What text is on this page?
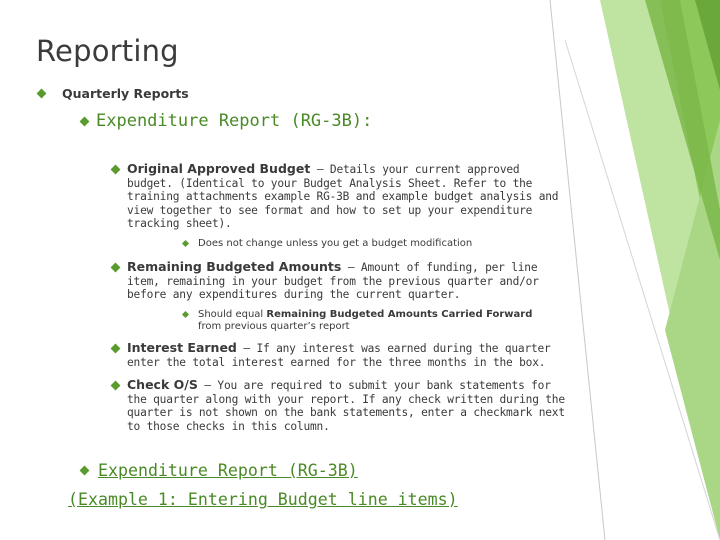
Reporting
Quarterly Reports
Expenditure Report (RG-3B):
Original Approved Budget – Details your current approved budget. (Identical to your Budget Analysis Sheet. Refer to the training attachments example RG-3B and example budget analysis and view together to see format and how to set up your expenditure tracking sheet).
Does not change unless you get a budget modification
Remaining Budgeted Amounts – Amount of funding, per line item, remaining in your budget from the previous quarter and/or before any expenditures during the current quarter.
Should equal Remaining Budgeted Amounts Carried Forward from previous quarter’s report
Interest Earned – If any interest was earned during the quarter enter the total interest earned for the three months in the box.
Check O/S – You are required to submit your bank statements for the quarter along with your report. If any check written during the quarter is not shown on the bank statements, enter a checkmark next to those checks in this column.
Expenditure Report (RG-3B)
(Example 1: Entering Budget line items)
